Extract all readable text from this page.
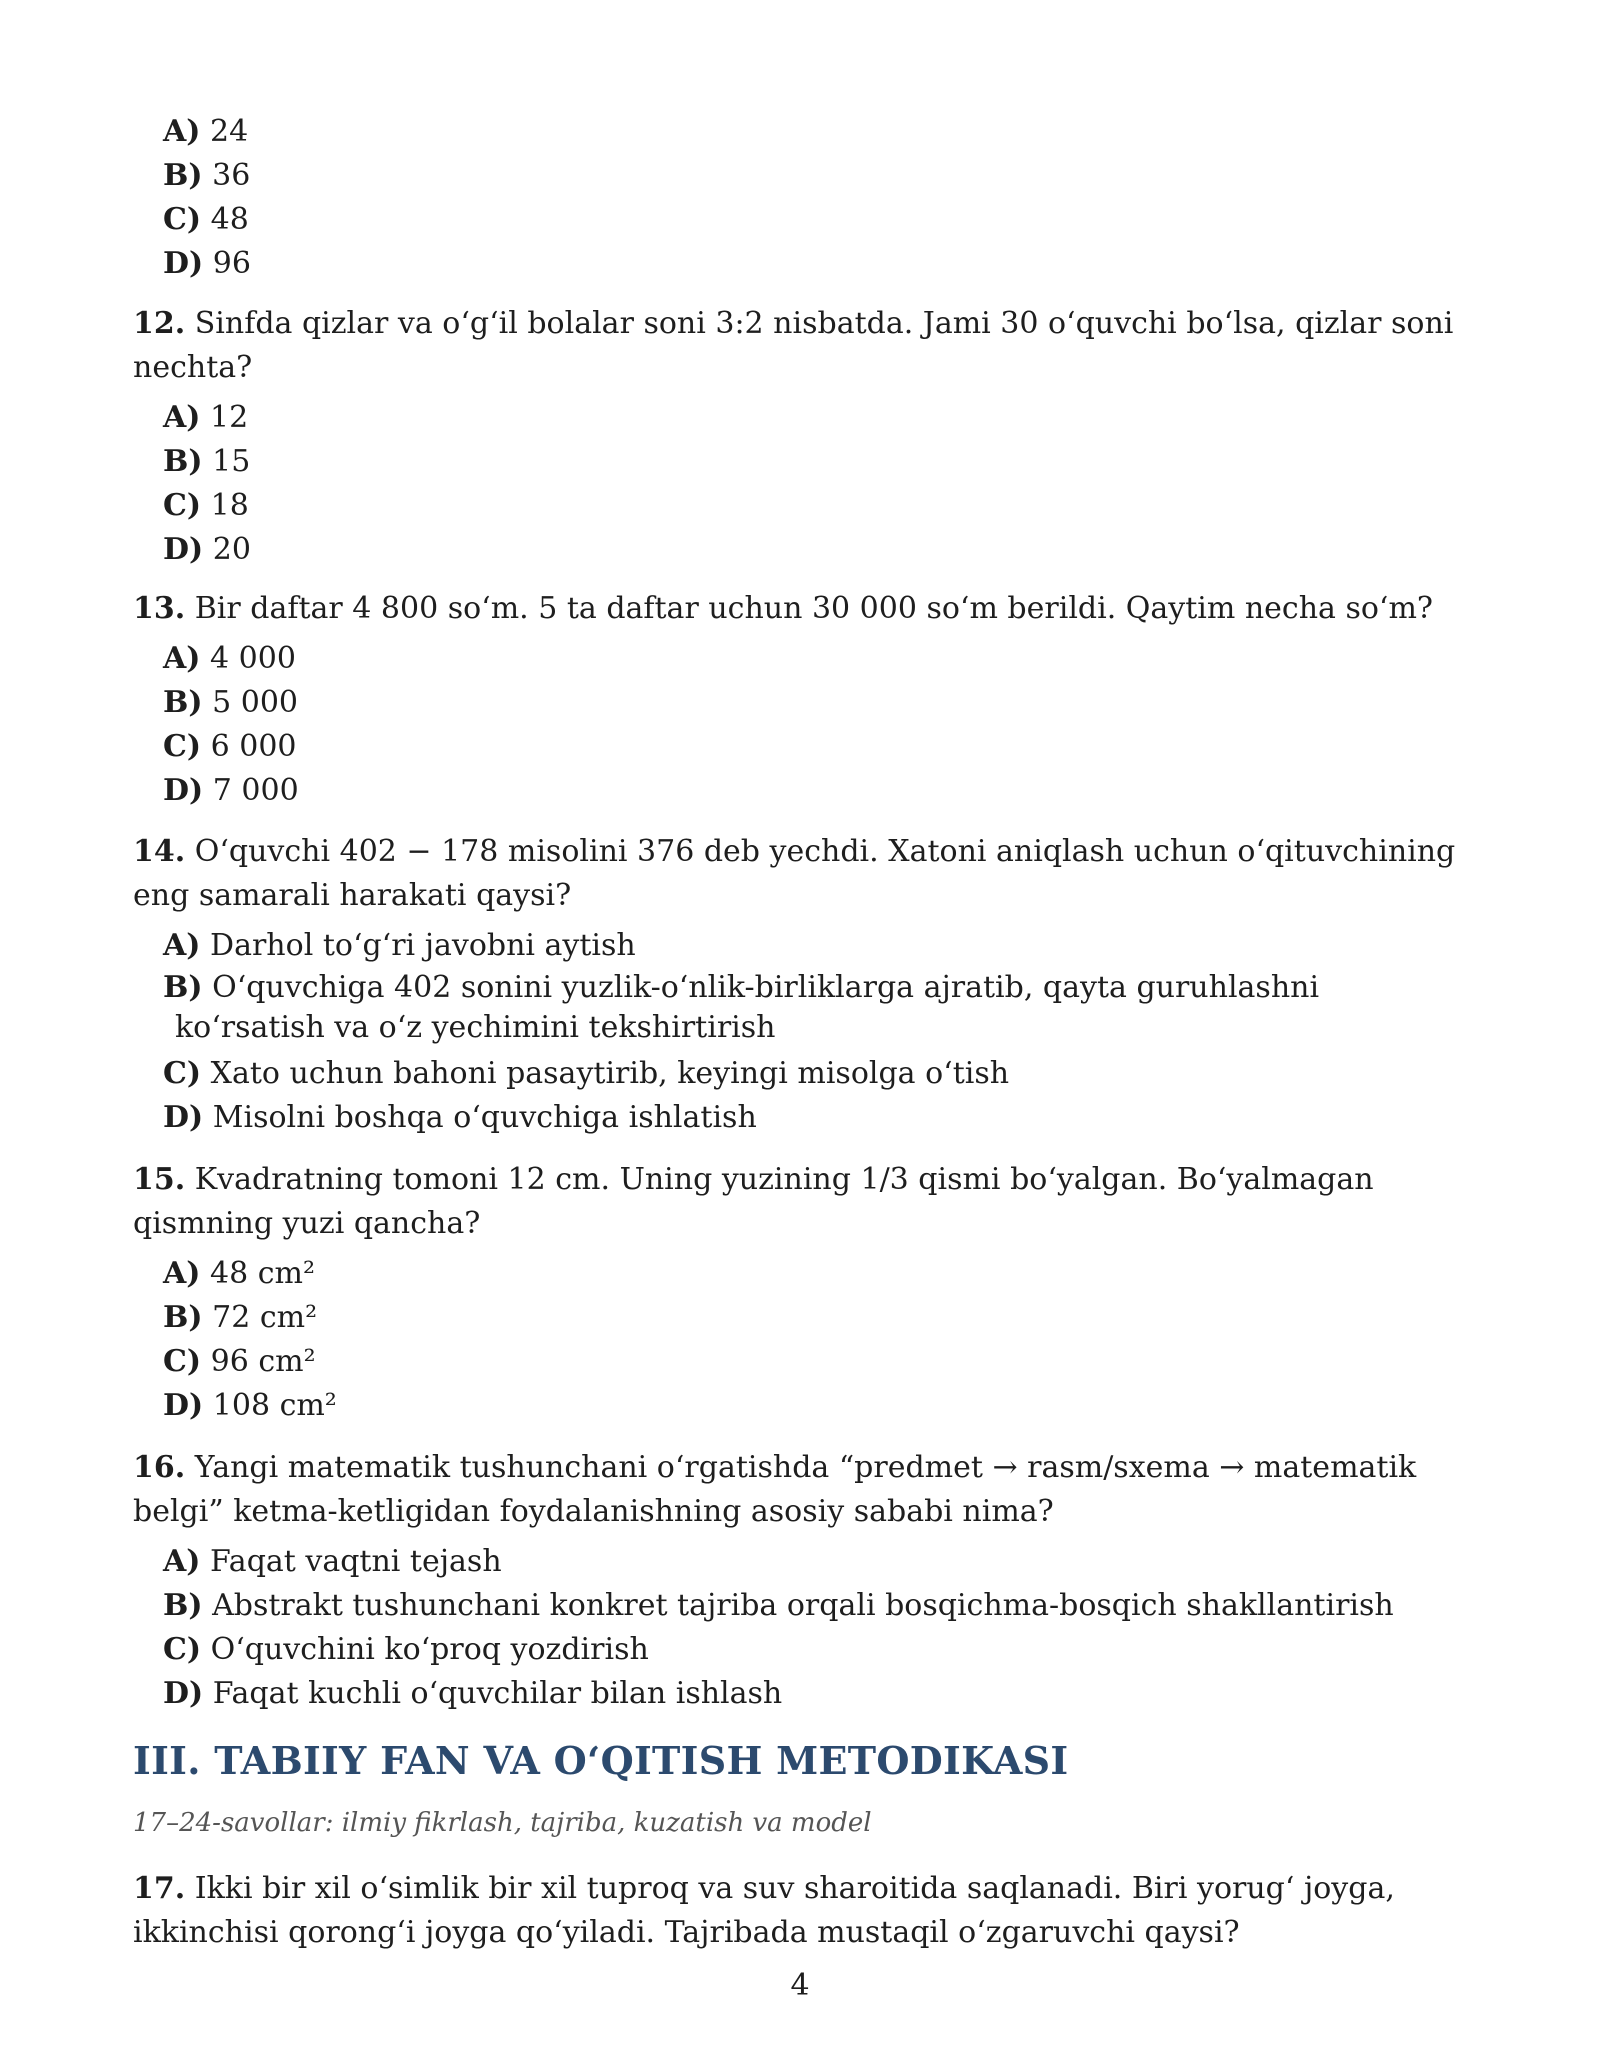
A) 24
B) 36
C) 48
D) 96

12. Sinfda qizlar va o‘g‘il bolalar soni 3:2 nisbatda. Jami 30 o‘quvchi bo‘lsa, qizlar soni nechta?

A) 12
B) 15
C) 18
D) 20

13. Bir daftar 4 800 so‘m. 5 ta daftar uchun 30 000 so‘m berildi. Qaytim necha so‘m?

A) 4 000
B) 5 000
C) 6 000
D) 7 000

14. O‘quvchi 402 − 178 misolini 376 deb yechdi. Xatoni aniqlash uchun o‘qituvchining eng samarali harakati qaysi?

A) Darhol to‘g‘ri javobni aytish
B) O‘quvchiga 402 sonini yuzlik-o‘nlik-birliklarga ajratib, qayta guruhlashni ko‘rsatish va o‘z yechimini tekshirtirish
C) Xato uchun bahoni pasaytirib, keyingi misolga o‘tish
D) Misolni boshqa o‘quvchiga ishlatish

15. Kvadratning tomoni 12 cm. Uning yuzining 1/3 qismi bo‘yalgan. Bo‘yalmagan qismning yuzi qancha?

A) 48 cm²
B) 72 cm²
C) 96 cm²
D) 108 cm²

16. Yangi matematik tushunchani o‘rgatishda “predmet → rasm/sxema → matematik belgi” ketma-ketligidan foydalanishning asosiy sababi nima?

A) Faqat vaqtni tejash
B) Abstrakt tushunchani konkret tajriba orqali bosqichma-bosqich shakllantirish
C) O‘quvchini ko‘proq yozdirish
D) Faqat kuchli o‘quvchilar bilan ishlash
III. TABIIY FAN VA O‘QITISH METODIKASI
17–24-savollar: ilmiy fikrlash, tajriba, kuzatish va model

17. Ikki bir xil o‘simlik bir xil tuproq va suv sharoitida saqlanadi. Biri yorug‘ joyga, ikkinchisi qorong‘i joyga qo‘yiladi. Tajribada mustaqil o‘zgaruvchi qaysi?

4
